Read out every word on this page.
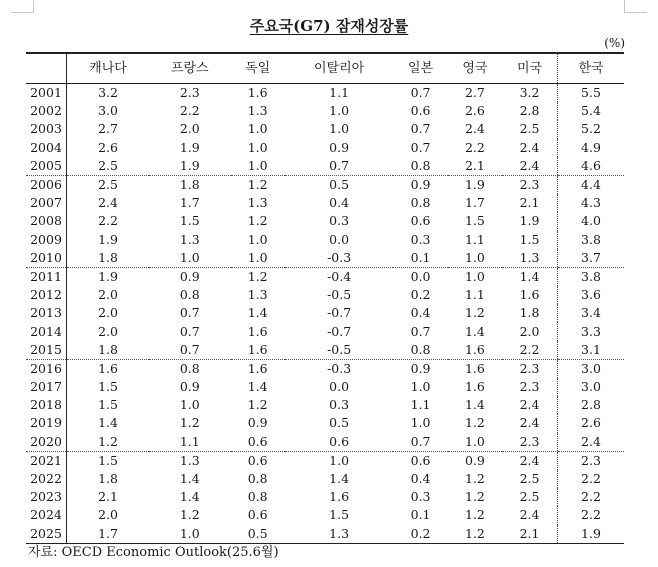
주요국(G7) 잠재성장률
(%)
	캐나다	프랑스	독일	이탈리아	일본	영국	미국	한국
2001	3.2	2.3	1.6	1.1	0.7	2.7	3.2	5.5
2002	3.0	2.2	1.3	1.0	0.6	2.6	2.8	5.4
2003	2.7	2.0	1.0	1.0	0.7	2.4	2.5	5.2
2004	2.6	1.9	1.0	0.9	0.7	2.2	2.4	4.9
2005	2.5	1.9	1.0	0.7	0.8	2.1	2.4	4.6
2006	2.5	1.8	1.2	0.5	0.9	1.9	2.3	4.4
2007	2.4	1.7	1.3	0.4	0.8	1.7	2.1	4.3
2008	2.2	1.5	1.2	0.3	0.6	1.5	1.9	4.0
2009	1.9	1.3	1.0	0.0	0.3	1.1	1.5	3.8
2010	1.8	1.0	1.0	-0.3	0.1	1.0	1.3	3.7
2011	1.9	0.9	1.2	-0.4	0.0	1.0	1.4	3.8
2012	2.0	0.8	1.3	-0.5	0.2	1.1	1.6	3.6
2013	2.0	0.7	1.4	-0.7	0.4	1.2	1.8	3.4
2014	2.0	0.7	1.6	-0.7	0.7	1.4	2.0	3.3
2015	1.8	0.7	1.6	-0.5	0.8	1.6	2.2	3.1
2016	1.6	0.8	1.6	-0.3	0.9	1.6	2.3	3.0
2017	1.5	0.9	1.4	0.0	1.0	1.6	2.3	3.0
2018	1.5	1.0	1.2	0.3	1.1	1.4	2.4	2.8
2019	1.4	1.2	0.9	0.5	1.0	1.2	2.4	2.6
2020	1.2	1.1	0.6	0.6	0.7	1.0	2.3	2.4
2021	1.5	1.3	0.6	1.0	0.6	0.9	2.4	2.3
2022	1.8	1.4	0.8	1.4	0.4	1.2	2.5	2.2
2023	2.1	1.4	0.8	1.6	0.3	1.2	2.5	2.2
2024	2.0	1.2	0.6	1.5	0.1	1.2	2.4	2.2
2025	1.7	1.0	0.5	1.3	0.2	1.2	2.1	1.9
자료: OECD Economic Outlook(25.6월)
